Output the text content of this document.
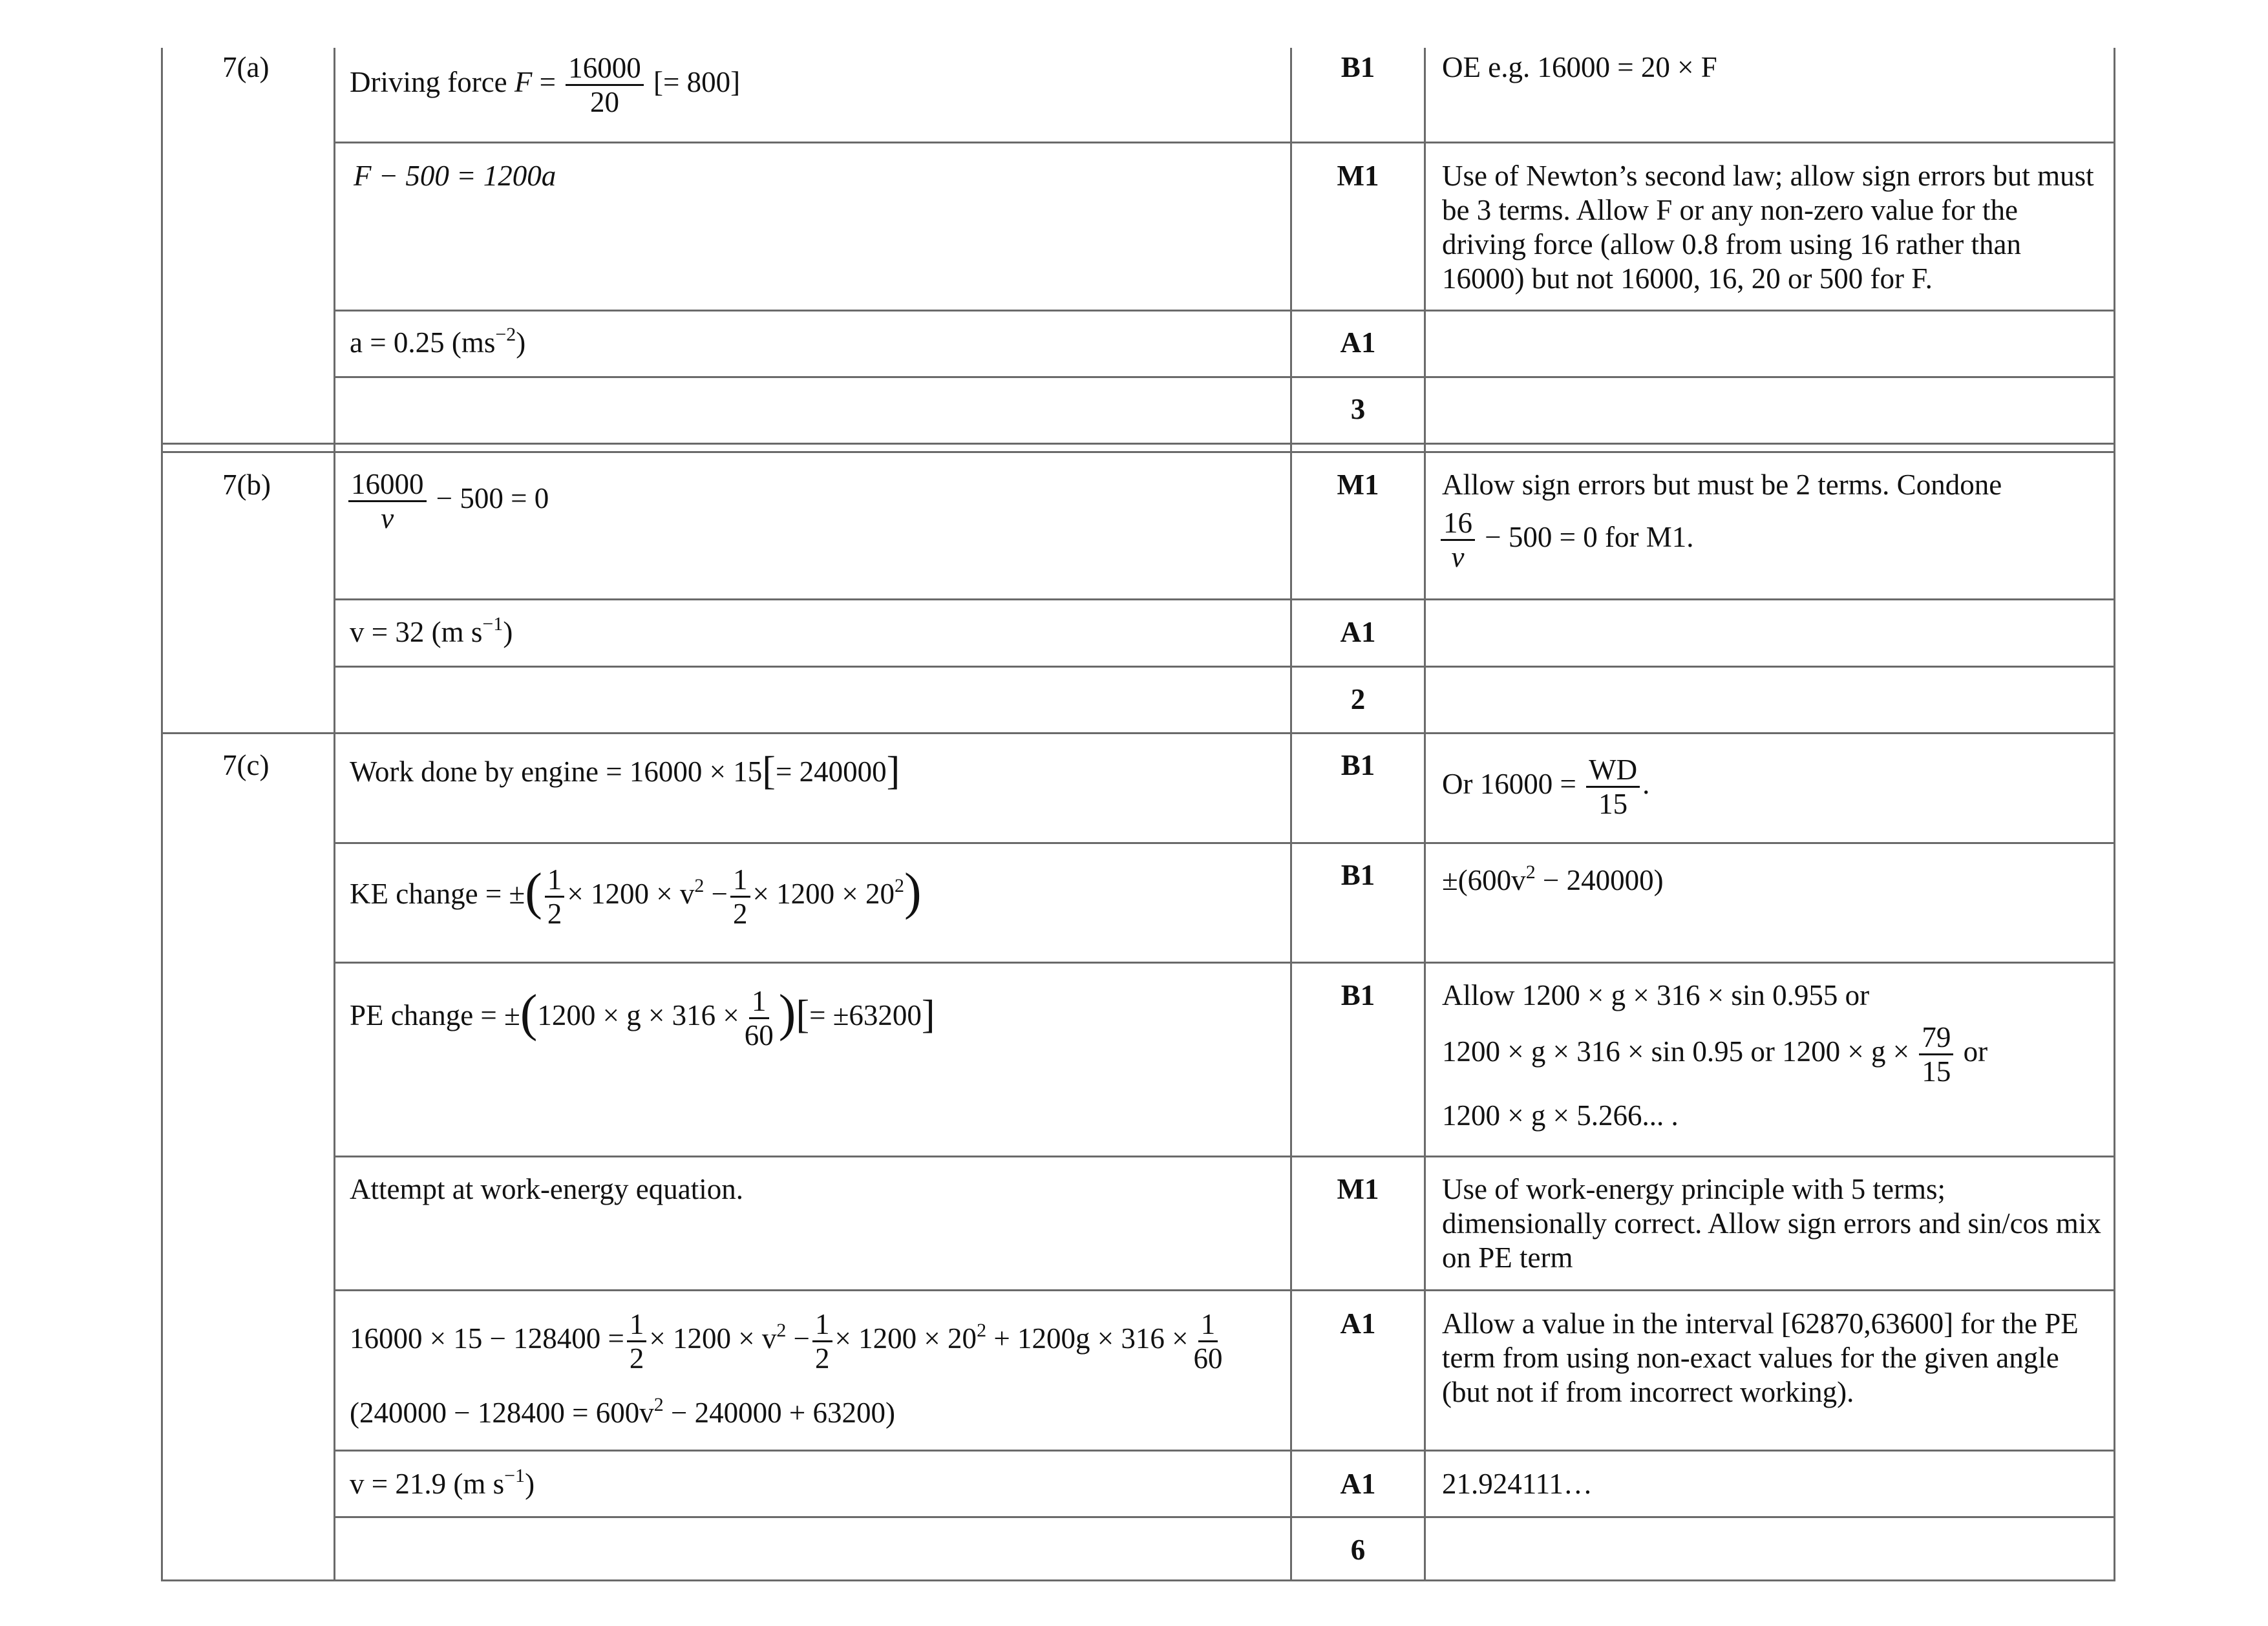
7(a)	Driving force $F = \frac{16000}{20}$ [= 800]	B1	OE e.g. 16000 = 20 × F
F − 500 = 1200a	M1	Use of Newton’s second law; allow sign errors but must be 3 terms. Allow F or any non-zero value for the driving force (allow 0.8 from using 16 rather than 16000) but not 16000, 16, 20 or 500 for F.
a = 0.25 $(ms^{-2})$	A1
3
7(b)	$\frac{16000}{v} - 500 = 0$	M1	Allow sign errors but must be 2 terms. Condone
$\frac{16}{v} - 500 = 0$ for M1.
v = 32 (m $s^{-1}$)	A1
2
7(c)	Work done by engine = 16000 × 15[= 240000]	B1
Or $16000 = \frac{WD}{15}$ .
KE change = ±( $\frac{1}{2} \times 1200 \times v^2 - \frac{1}{2} \times 1200 \times 20^2$)	B1	$\pm(600v^2 - 240000)$
PE change = $\pm(1200 \times g \times 316 \times \frac{1}{60}$ )[= ±63200]	B1	Allow 1200 × g × 316 × sin 0.955 or
1200 × g × 316 × sin 0.95 or $1200 \times g \times \frac{79}{15}$ or
1200 × g × 5.266... .
Attempt at work-energy equation.	M1	Use of work-energy principle with 5 terms; dimensionally correct. Allow sign errors and sin/cos mix on PE term
$16000 \times 15 - 128400 = \frac{1}{2} \times 1200 \times v^2 - \frac{1}{2} \times 1200 \times 20^2 + 1200g \times 316 \times \frac{1}{60}$
$(240000 - 128400 = 600v^2 - 240000 + 63200)$
A1	Allow a value in the interval [62870,63600] for the PE term from using non-exact values for the given angle (but not if from incorrect working).
v = 21.9 (m $s^{-1}$)	A1	21.924111…
6
